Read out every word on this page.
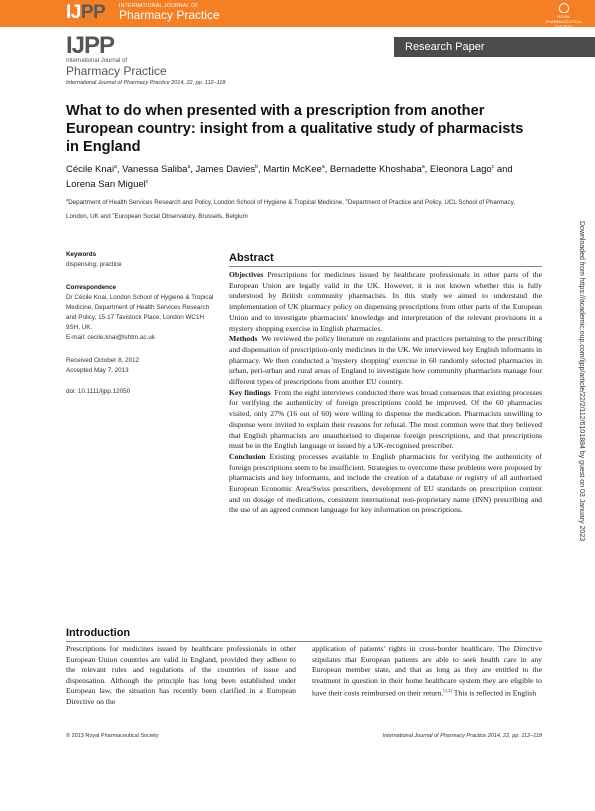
IJPP	INTERNATIONAL JOURNAL OF
Pharmacy Practice	ROYAL PHARMACEUTICAL SOCIETY
IJPP
International Journal of
Pharmacy Practice
International Journal of Pharmacy Practice 2014, 22, pp. 112–118
Research Paper
What to do when presented with a prescription from another European country: insight from a qualitative study of pharmacists in England
Cécile Knai$^a$, Vanessa Saliba$^a$, James Davies$^b$, Martin McKee$^a$, Bernadette Khoshaba$^a$, Eleonora Lago$^c$ and Lorena San Miguel$^c$
$^a$Department of Health Services Research and Policy, London School of Hygiene & Tropical Medicine, $^b$Department of Practice and Policy, UCL School of Pharmacy, London, UK and $^c$European Social Observatory, Brussels, Belgium
Keywords
dispensing; practice
Correspondence
Dr Cécile Knai, London School of Hygiene & Tropical Medicine, Department of Health Services Research and Policy, 15-17 Tavistock Place, London WC1H 9SH, UK.
E-mail: cecile.knai@lshtm.ac.uk
Received October 8, 2012
Accepted May 7, 2013
doi: 10.1111/ijpp.12050
Abstract

Objectives Prescriptions for medicines issued by healthcare professionals in other parts of the European Union are legally valid in the UK. However, it is not known whether this is fully understood by British community pharmacists. In this study we aimed to understand the implementation of UK pharmacy policy on dispensing prescriptions from other parts of the European Union and to investigate pharmacists' knowledge and interpretation of the relevant provisions in a mystery shopping exercise in English pharmacies.

Methods We reviewed the policy literature on regulations and practices pertaining to the prescribing and dispensation of prescription-only medicines in the UK. We interviewed key English informants in pharmacy. We then conducted a 'mystery shopping' exercise in 60 randomly selected pharmacies in urban, peri-urban and rural areas of England to investigate how community pharmacists manage four different types of prescriptions from another EU country.

Key findings From the eight interviews conducted there was broad consensus that existing processes for verifying the authenticity of foreign prescriptions could be improved. Of the 60 pharmacies visited, only 27% (16 out of 60) were willing to dispense the medication. Pharmacists unwilling to dispense were invited to explain their reasons for refusal. The most common were that they believed that English pharmacists are unauthorised to dispense foreign prescriptions, and that prescriptions must be in the English language or issued by a UK-recognised prescriber.

Conclusion Existing processes available to English pharmacists for verifying the authenticity of foreign prescriptions seem to be insufficient. Strategies to overcome these problems were proposed by pharmacists and key informants, and include the creation of a database or registry of all authorised European Economic Area/Swiss prescribers, development of EU standards on prescription content and on dosage of medications, consistent international non-proprietary name (INN) prescribing and the use of an agreed common language for key information on prescriptions.

Introduction
Prescriptions for medicines issued by healthcare professionals in other European Union countries are valid in England, provided they adhere to the relevant rules and regulations of the countries of issue and dispensation. Although the principle has long been established under European law, the situation has recently been clarified in a European Directive on the
application of patients' rights in cross-border healthcare. The Directive stipulates that European patients are able to seek health care in any European member state, and that as long as they are entitled to the treatment in question in their home healthcare system they are eligible to have their costs reimbursed on their return.[1,2] This is reflected in English
© 2013 Royal Pharmaceutical Society	International Journal of Pharmacy Practice 2014, 22, pp. 112–118
Downloaded from https://academic.oup.com/ijpp/article/22/2/112/6101884 by guest on 03 January 2023
